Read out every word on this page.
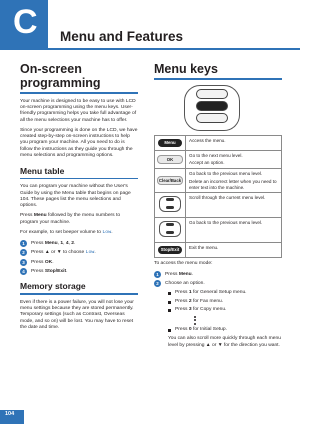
C Menu and Features
On-screen programming

Your machine is designed to be easy to use with LCD on-screen programming using the menu keys. User-friendly programming helps you take full advantage of all the menu selections your machine has to offer.

Since your programming is done on the LCD, we have created step-by-step on-screen instructions to help you program your machine. All you need to do is follow the instructions as they guide you through the menu selections and programming options.

Menu table

You can program your machine without the User's Guide by using the Menu table that begins on page 104. These pages list the menu selections and options.

Press Menu followed by the menu numbers to program your machine.

For example, to set beeper volume to Low.

1	Press Menu, 1, 4, 2.
2	Press ▲ or ▼ to choose Low.
3	Press OK.
4	Press Stop/Exit.
Memory storage

Even if there is a power failure, you will not lose your menu settings because they are stored permanently. Temporary settings (such as Contrast, Overseas mode, and so on) will be lost. You may have to reset the date and time.

Menu keys
Menu	Access the menu.
OK	Go to the next menu level.
Accept an option.

Clear/Back	Go back to the previous menu level.
Delete an incorrect letter when you need to enter text into the machine.

	Scroll through the current menu level.

	Go back to the previous menu level.
Stop/Exit	Exit the menu.

To access the menu mode:

1	Press Menu.
2	Choose an option.
Press 1 for General Setup menu.
Press 2 for Fax menu.
Press 3 for Copy menu.
Press 0 for Initial Setup.

You can also scroll more quickly through each menu level by pressing ▲ or ▼ for the direction you want.

104
